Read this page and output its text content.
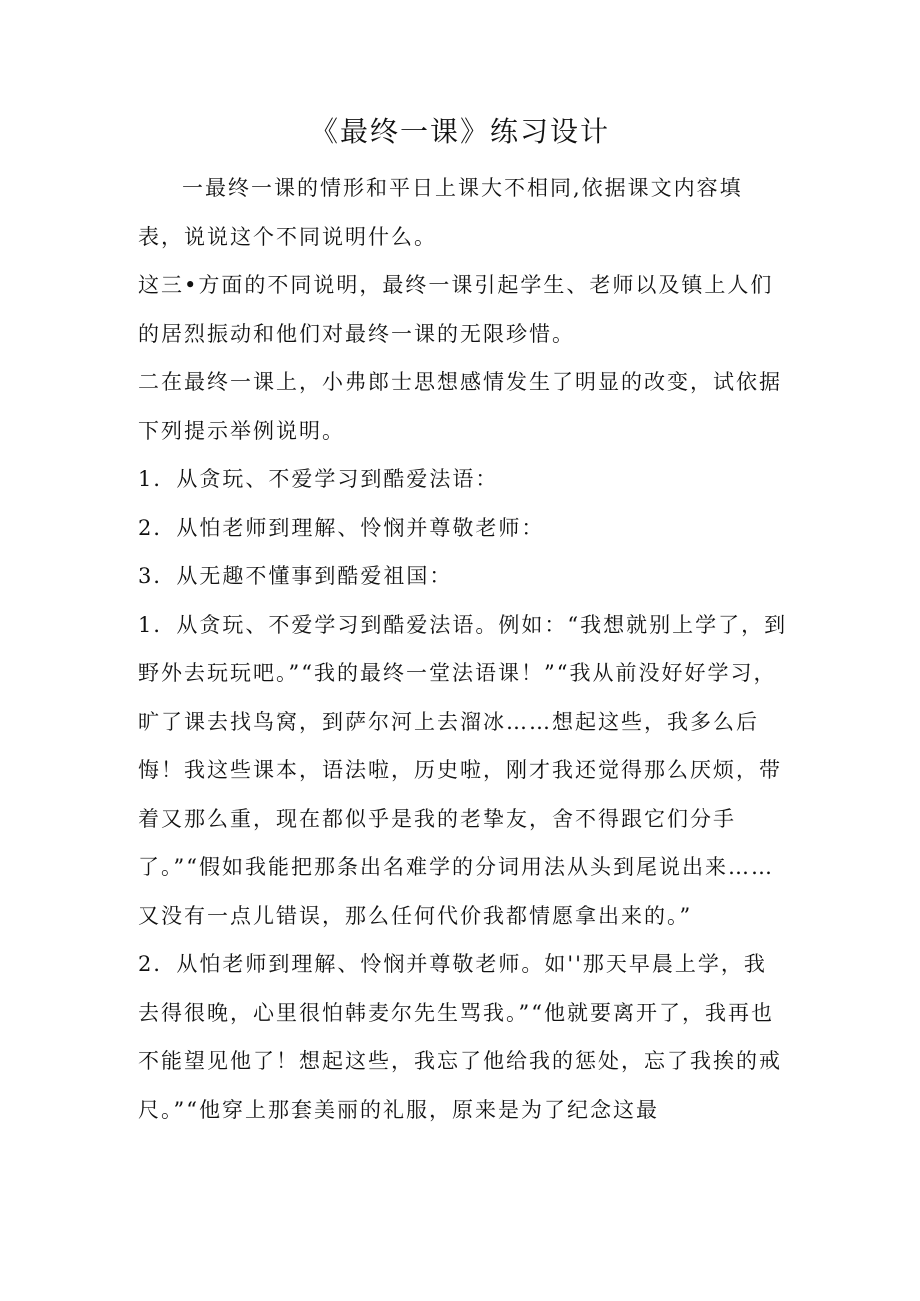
《最终一课》练习设计

一最终一课的情形和平日上课大不相同,依据课文内容填表，说说这个不同说明什么。

这三•方面的不同说明，最终一课引起学生、老师以及镇上人们的居烈振动和他们对最终一课的无限珍惜。

二在最终一课上，小弗郎士思想感情发生了明显的改变，试依据下列提示举例说明。

1．从贪玩、不爱学习到酷爱法语：

2．从怕老师到理解、怜悯并尊敬老师：

3．从无趣不懂事到酷爱祖国：

1．从贪玩、不爱学习到酷爱法语。例如：“我想就别上学了，到野外去玩玩吧。”“我的最终一堂法语课！”“我从前没好好学习，旷了课去找鸟窝，到萨尔河上去溜冰……想起这些，我多么后悔！我这些课本，语法啦，历史啦，刚才我还觉得那么厌烦，带着又那么重，现在都似乎是我的老挚友，舍不得跟它们分手了。”“假如我能把那条出名难学的分词用法从头到尾说出来……又没有一点儿错误，那么任何代价我都情愿拿出来的。”

2．从怕老师到理解、怜悯并尊敬老师。如''那天早晨上学，我去得很晚，心里很怕韩麦尔先生骂我。”“他就要离开了，我再也不能望见他了！想起这些，我忘了他给我的惩处，忘了我挨的戒尺。”“他穿上那套美丽的礼服，原来是为了纪念这最
